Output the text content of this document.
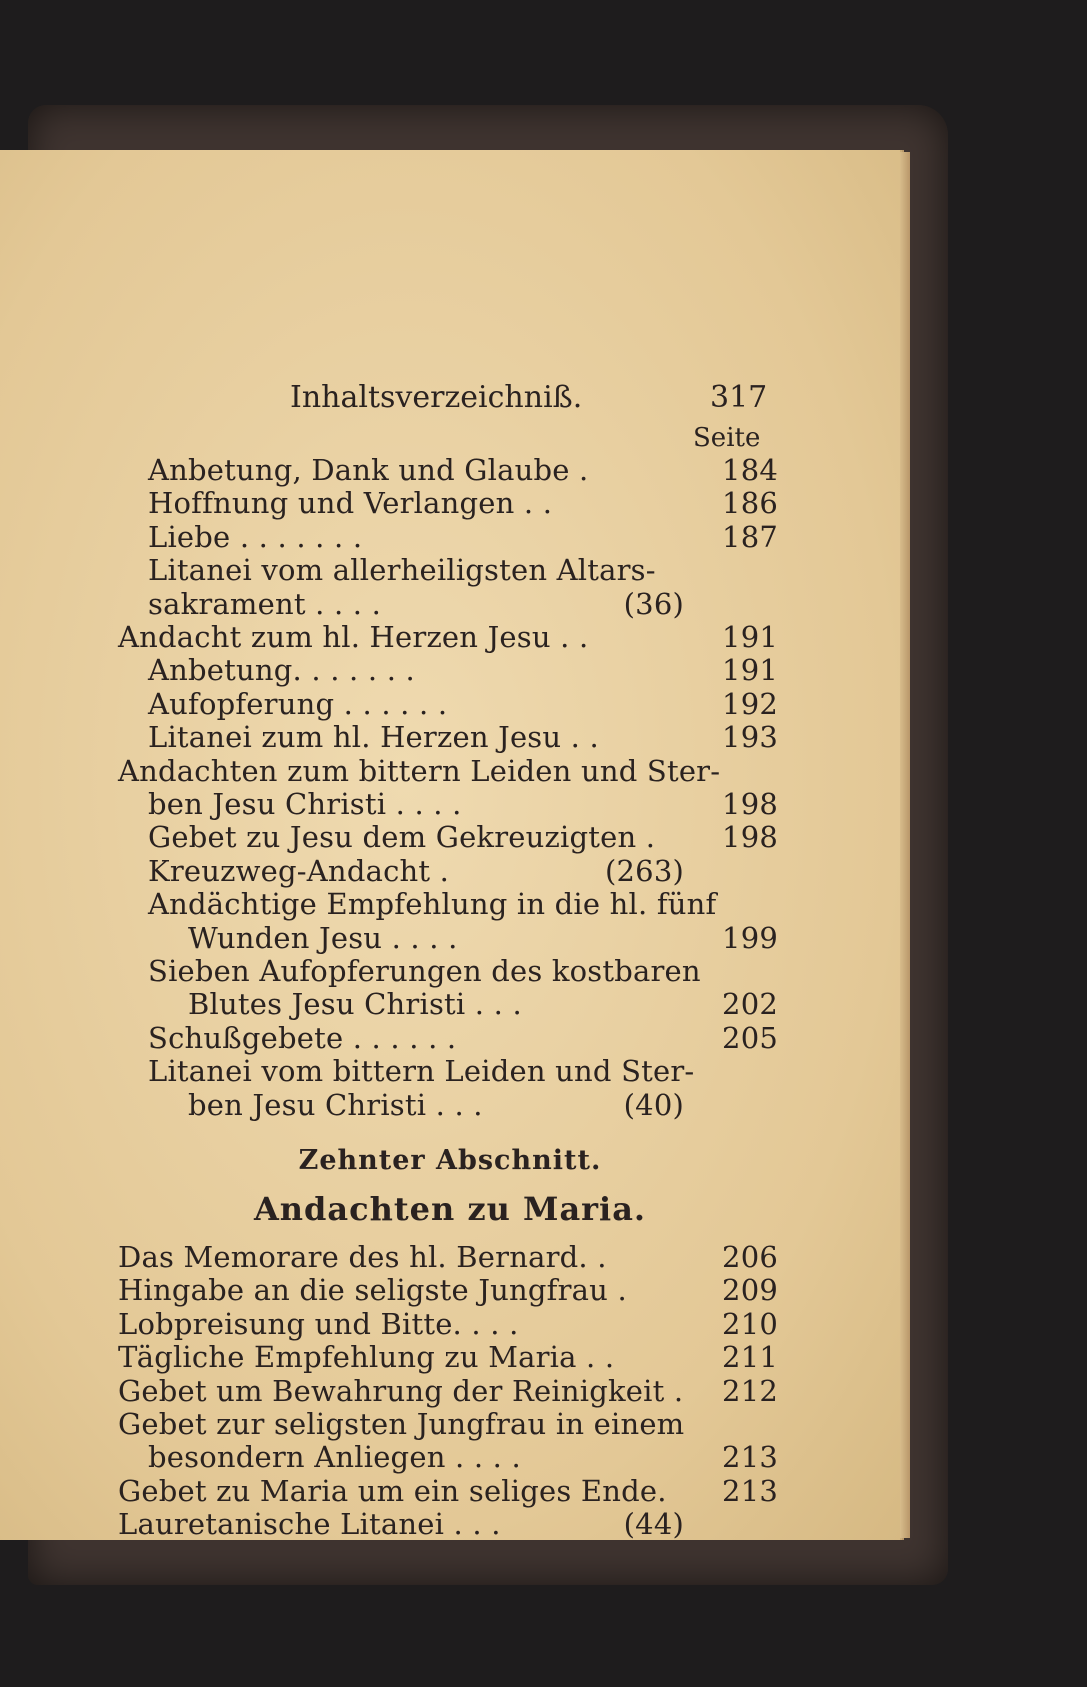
Inhaltsverzeichniß.	317
Seite
Anbetung, Dank und Glaube .	184
Hoffnung und Verlangen . .	186
Liebe . . . . . . .	187
Litanei vom allerheiligsten Altars-
sakrament . . . .	(36)
Andacht zum hl. Herzen Jesu . .	191
Anbetung. . . . . . .	191
Aufopferung . . . . . .	192
Litanei zum hl. Herzen Jesu . .	193
Andachten zum bittern Leiden und Ster-
ben Jesu Christi . . . .	198
Gebet zu Jesu dem Gekreuzigten . 198
Kreuzweg-Andacht .	(263)
Andächtige Empfehlung in die hl. fünf
Wunden Jesu . . . .	199
Sieben Aufopferungen des kostbaren
Blutes Jesu Christi . . .	202
Schußgebete . . . . . .	205
Litanei vom bittern Leiden und Ster-
ben Jesu Christi . . .	(40)
Zehnter Abschnitt.
Andachten zu Maria.
Das Memorare des hl. Bernard. .	206
Hingabe an die seligste Jungfrau .	209
Lobpreisung und Bitte. . . .	210
Tägliche Empfehlung zu Maria . .	211
Gebet um Bewahrung der Reinigkeit . 212
Gebet zur seligsten Jungfrau in einem
besondern Anliegen . . . .	213
Gebet zu Maria um ein seliges Ende. 213
Lauretanische Litanei . . .	(44)
